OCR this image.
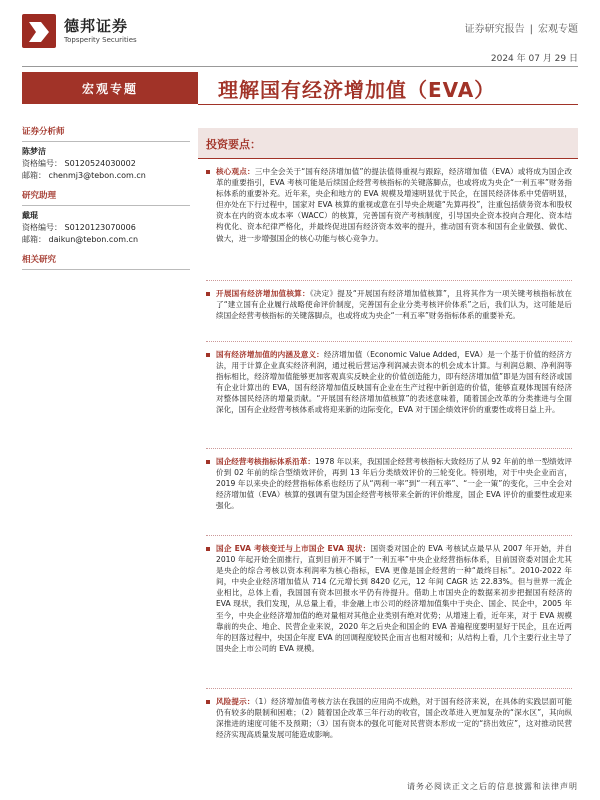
德邦证券
Topsperity Securities
证券研究报告 | 宏观专题
2024 年 07 月 29 日
宏观专题	理解国有经济增加值（EVA）
证券分析师
陈梦洁
资格编号： S0120524030002
邮箱： chenmj3@tebon.com.cn
研究助理
戴琨
资格编号： S0120123070006
邮箱： daikun@tebon.com.cn
相关研究
投资要点：
核心观点：三中全会关于“国有经济增加值”的提法值得重视与跟踪，经济增加值（EVA）或将成为国企改革的重要指引，EVA 考核可能是后续国企经营考核指标的关键落脚点，也或将成为央企“一利五率”财务指标体系的重要补充。近年来，央企和地方的 EVA 规模及增速明显优于民企，在国民经济体系中凭借明显，但亦处在下行过程中，国家对 EVA 核算的重视或意在引导央企规避“先算再投”，注重包括债务资本和股权资本在内的资本成本率（WACC）的核算，完善国有资产考核制度，引导国央企资本投向合理化、资本结构优化、资本纪律严格化，并最终促进国有经济资本效率的提升，推动国有资本和国有企业做强、做优、做大，进一步增强国企的核心功能与核心竞争力。
开展国有经济增加值核算：《决定》提及“开展国有经济增加值核算”，且将其作为一项关键考核指标放在了“建立国有企业履行战略使命评价制度，完善国有企业分类考核评价体系”之后，我们认为，这可能是后续国企经营考核指标的关键落脚点，也或将成为央企“一利五率”财务指标体系的重要补充。
国有经济增加值的内涵及意义：经济增加值（Economic Value Added，EVA）是一个基于价值的经济方法，用于计算企业真实经济利润，通过税后营运净利润减去资本的机会成本计算。与利润总额、净利润等指标相比，经济增加值能够更加客观真实反映企业的价值创造能力，即有经济增加值”即是为国有经济或国有企业计算出的 EVA，国有经济增加值反映国有企业在生产过程中新创造的价值，能够直观体现国有经济对整体国民经济的增量贡献。“开展国有经济增加值核算”的表述意味着，随着国企改革的分类推进与全面深化，国有企业经营考核体系或将迎来新的边际变化，EVA 对于国企绩效评价的重要性或将日益上升。
国企经营考核指标体系沿革：1978 年以来，我国国企经营考核指标大致经历了从 92 年前的单一型绩效评价到 02 年前的综合型绩效评价，再到 13 年后分类绩效评价的三轮变化。特别地，对于中央企业而言，2019 年以来央企的经营指标体系也经历了从“两利一率”到“一利五率”、“一企一策”的变化，三中全会对经济增加值（EVA）核算的强调有望为国企经营考核带来全新的评价维度，国企 EVA 评价的重要性或迎来强化。
国企 EVA 考核变迁与上市国企 EVA 现状：国资委对国企的 EVA 考核试点最早从 2007 年开始，并自 2010 年起开始全面推行，直到目前开不属于“一利五率”中央企业经营指标体系，目前国资委对国企尤其是央企的综合考核以资本利润率为核心指标，EVA 更像是国企经营的一种“最终目标”。2010-2022 年间，中央企业经济增加值从 714 亿元增长到 8420 亿元，12 年间 CAGR 达 22.83%。但与世界一流企业相比，总体上看，我国国有资本回报水平仍有待提升。借助上市国央企的数据来初步把握国有经济的 EVA 现状，我们发现，从总量上看，非金融上市公司的经济增加值集中于央企、国企、民企中，2005 年至今，中央企业经济增加值的绝对量相对其他企业类别有绝对优势；从增速上看，近年来，对于 EVA 规模靠前的央企、地企、民营企业来说，2020 年之后央企和国企的 EVA 普遍程度要明显好于民企，且在近两年的回落过程中，央国企年度 EVA 的回调程度较民企而言也相对缓和；从结构上看，几个主要行业主导了国央企上市公司的 EVA 规模。
风险提示：（1）经济增加值考核方法在我国的应用尚不成熟，对于国有经济来说，在具体的实践层面可能仍有较多的限制和困难；（2）随着国企改革三年行动的收官，国企改革进入更加复杂的“深水区”，其向纵深推进的速度可能不及预期；（3）国有资本的强化可能对民营资本形成一定的“挤出效应”，这对推动民营经济实现高质量发展可能造成影响。
请务必阅读正文之后的信息披露和法律声明
